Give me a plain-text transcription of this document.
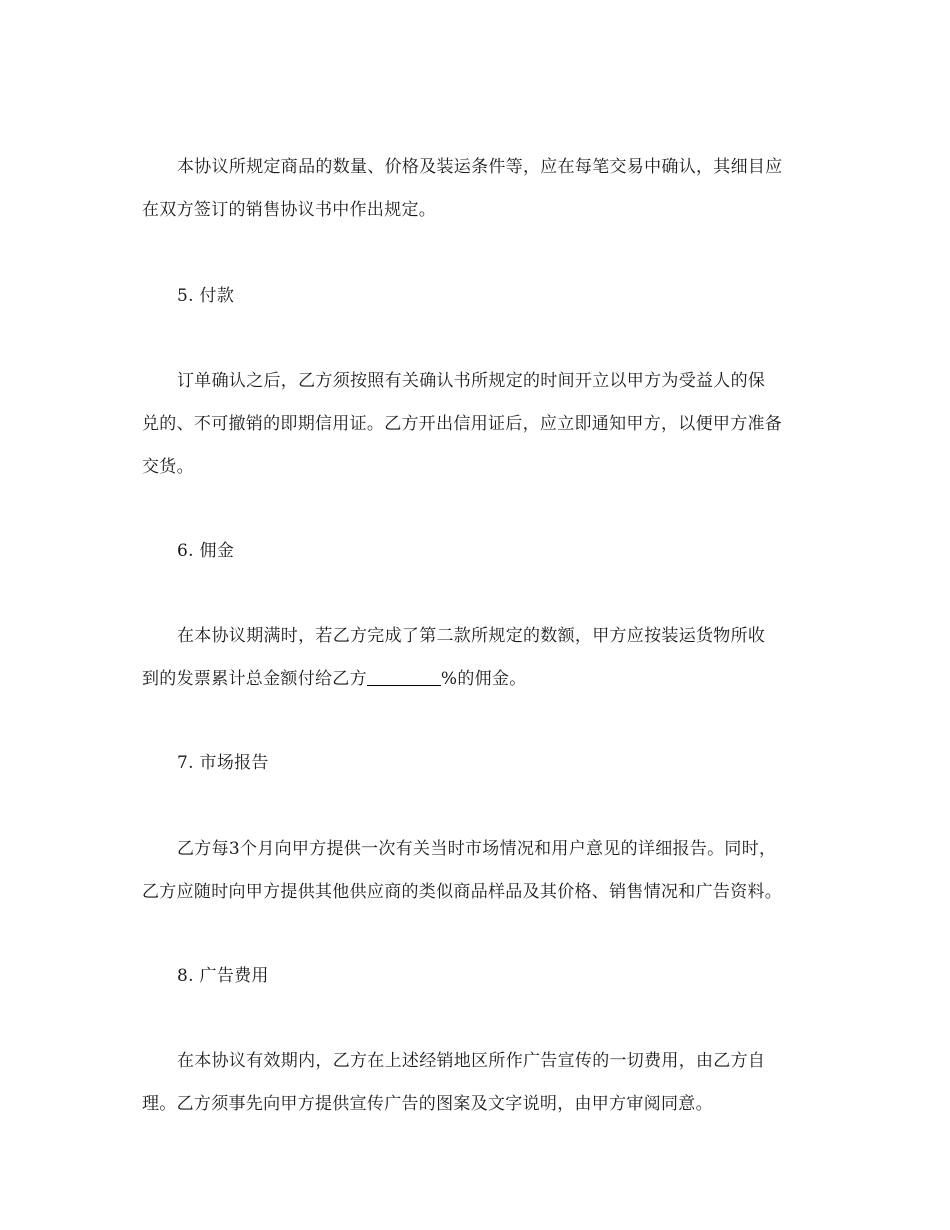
本协议所规定商品的数量、价格及装运条件等，应在每笔交易中确认，其细目应
在双方签订的销售协议书中作出规定。
5. 付款
订单确认之后，乙方须按照有关确认书所规定的时间开立以甲方为受益人的保
兑的、不可撤销的即期信用证。乙方开出信用证后，应立即通知甲方，以便甲方准备
交货。
6. 佣金
在本协议期满时，若乙方完成了第二款所规定的数额，甲方应按装运货物所收
到的发票累计总金额付给乙方	%的佣金。
7. 市场报告
乙方每3个月向甲方提供一次有关当时市场情况和用户意见的详细报告。同时，
乙方应随时向甲方提供其他供应商的类似商品样品及其价格、销售情况和广告资料。
8. 广告费用
在本协议有效期内，乙方在上述经销地区所作广告宣传的一切费用，由乙方自
理。乙方须事先向甲方提供宣传广告的图案及文字说明，由甲方审阅同意。
